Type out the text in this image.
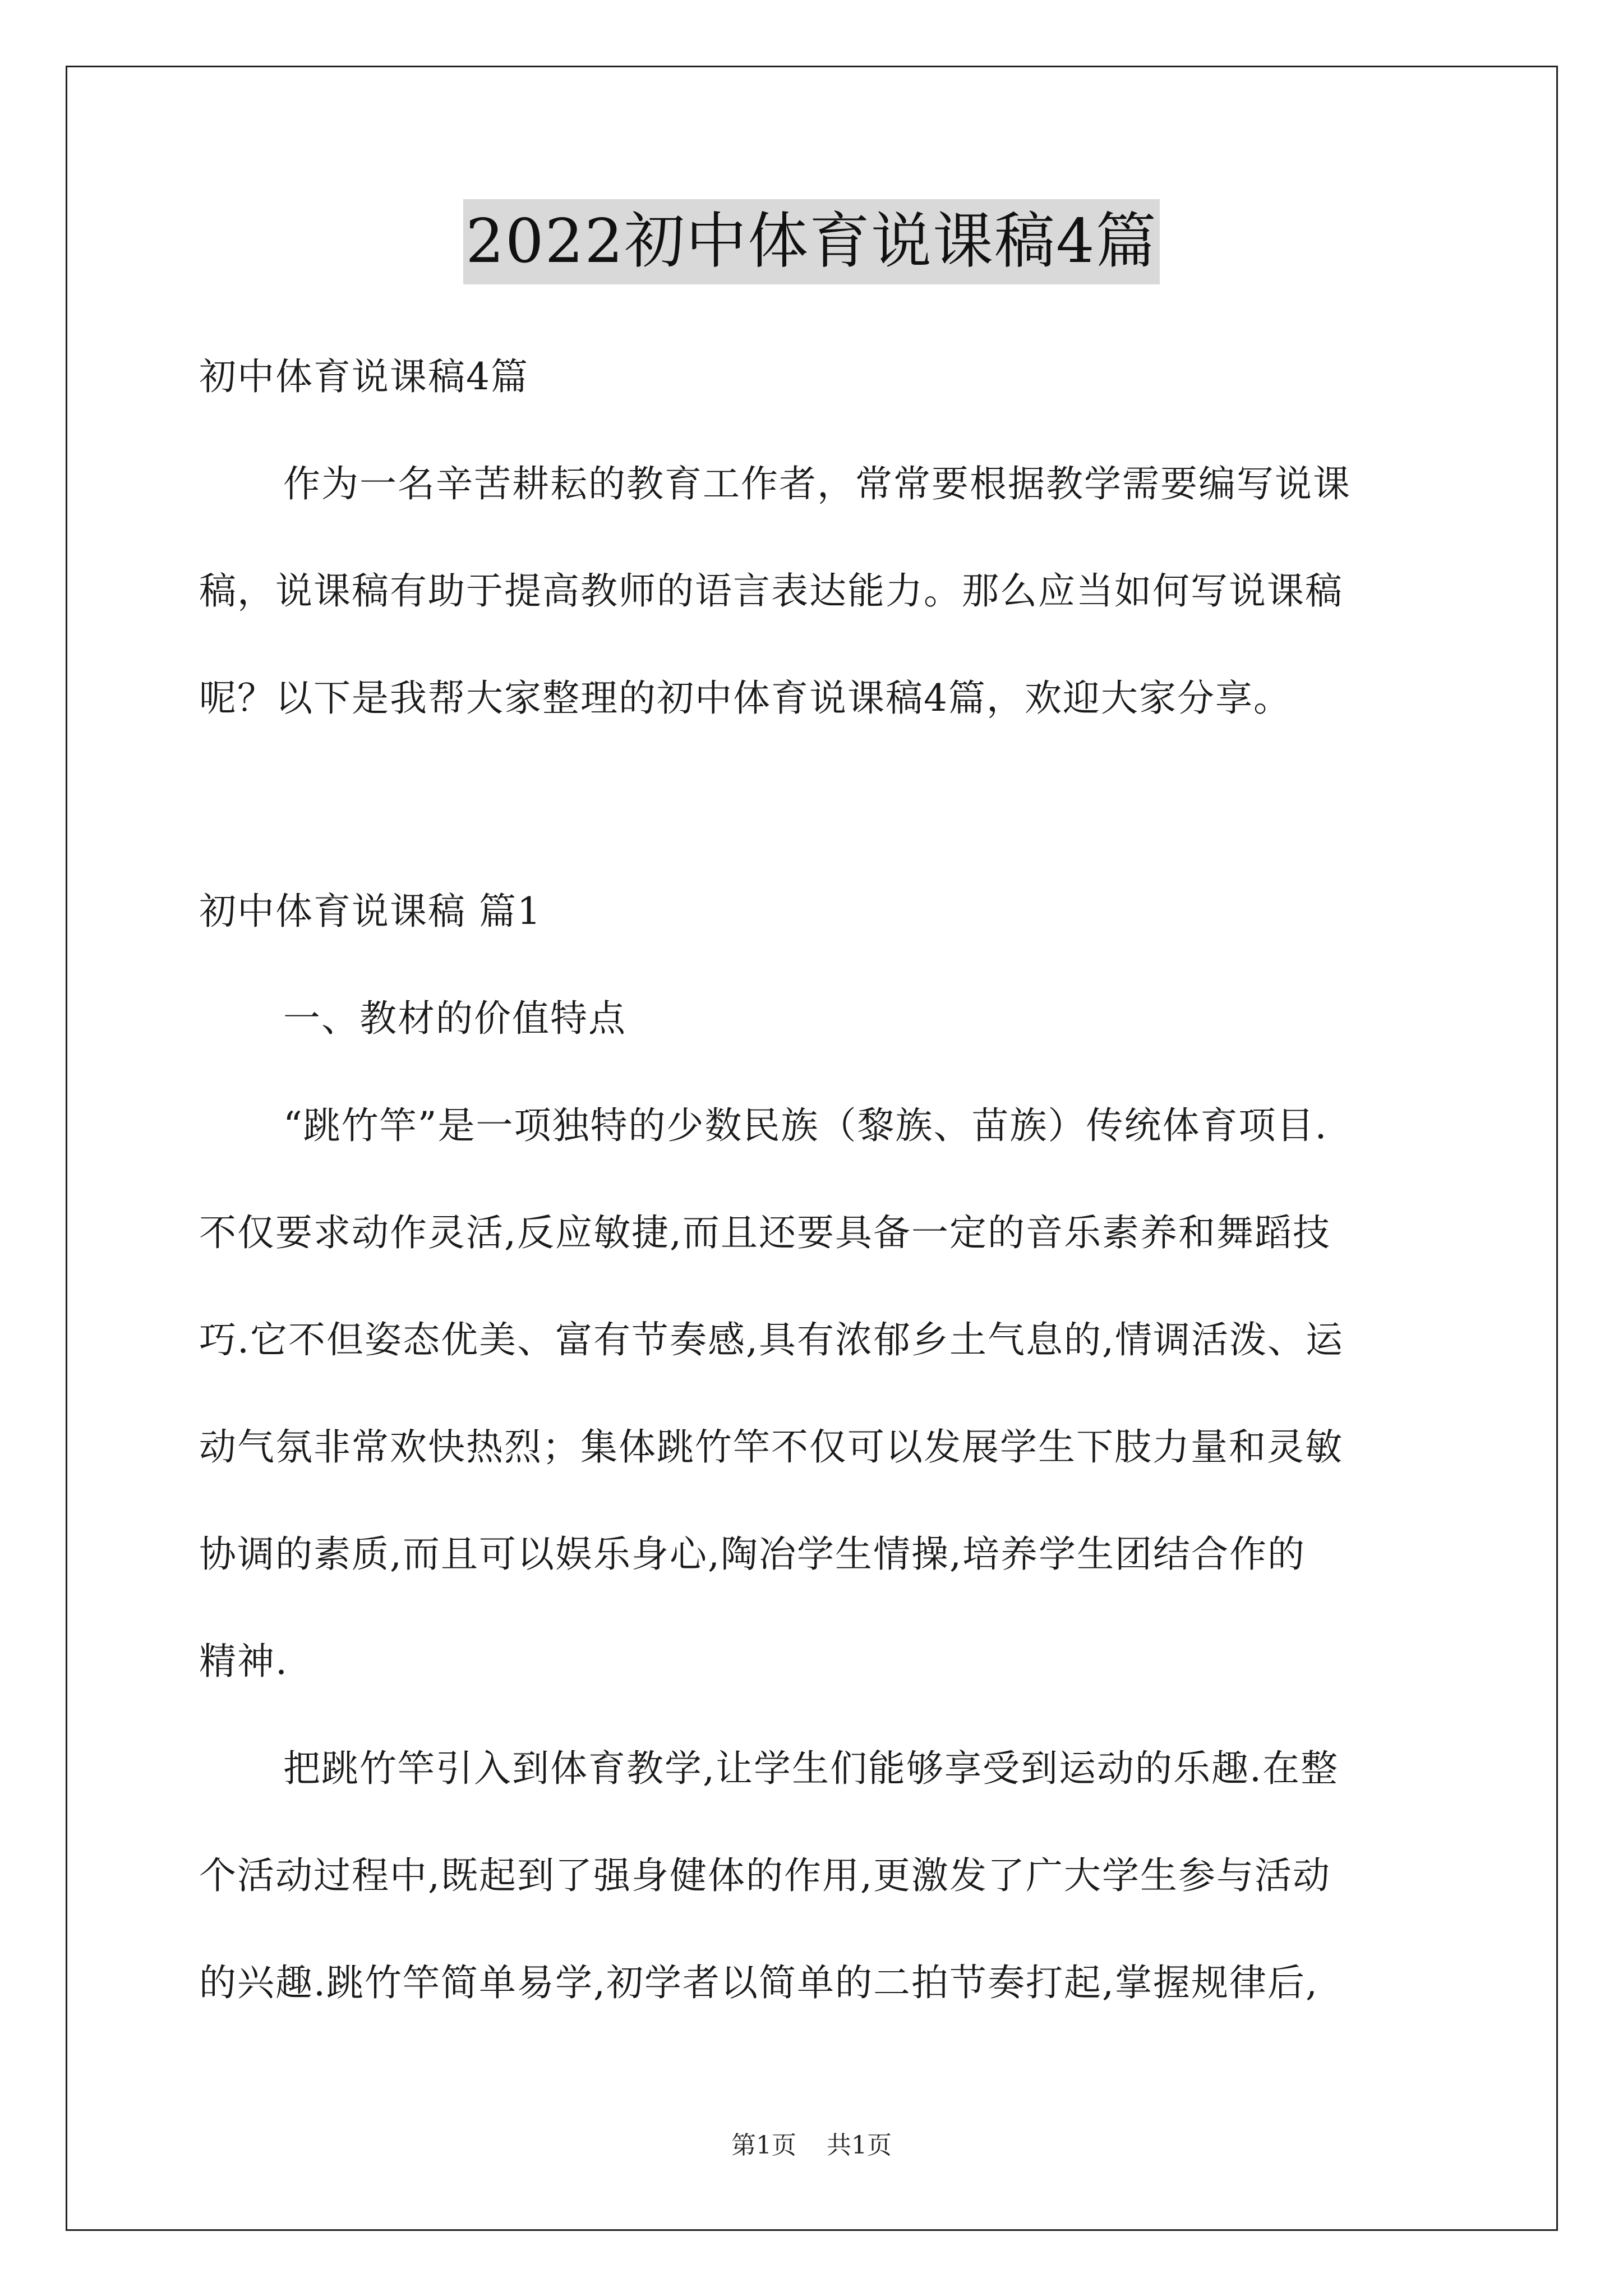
2022初中体育说课稿4篇
初中体育说课稿4篇
作为一名辛苦耕耘的教育工作者，常常要根据教学需要编写说课
稿，说课稿有助于提高教师的语言表达能力。那么应当如何写说课稿
呢？以下是我帮大家整理的初中体育说课稿4篇，欢迎大家分享。
初中体育说课稿 篇1
一、教材的价值特点
“跳竹竿”是一项独特的少数民族（黎族、苗族）传统体育项目.
不仅要求动作灵活,反应敏捷,而且还要具备一定的音乐素养和舞蹈技
巧.它不但姿态优美、富有节奏感,具有浓郁乡土气息的,情调活泼、运
动气氛非常欢快热烈；集体跳竹竿不仅可以发展学生下肢力量和灵敏
协调的素质,而且可以娱乐身心,陶冶学生情操,培养学生团结合作的
精神.
把跳竹竿引入到体育教学,让学生们能够享受到运动的乐趣.在整
个活动过程中,既起到了强身健体的作用,更激发了广大学生参与活动
的兴趣.跳竹竿简单易学,初学者以简单的二拍节奏打起,掌握规律后,
第1页 共1页
